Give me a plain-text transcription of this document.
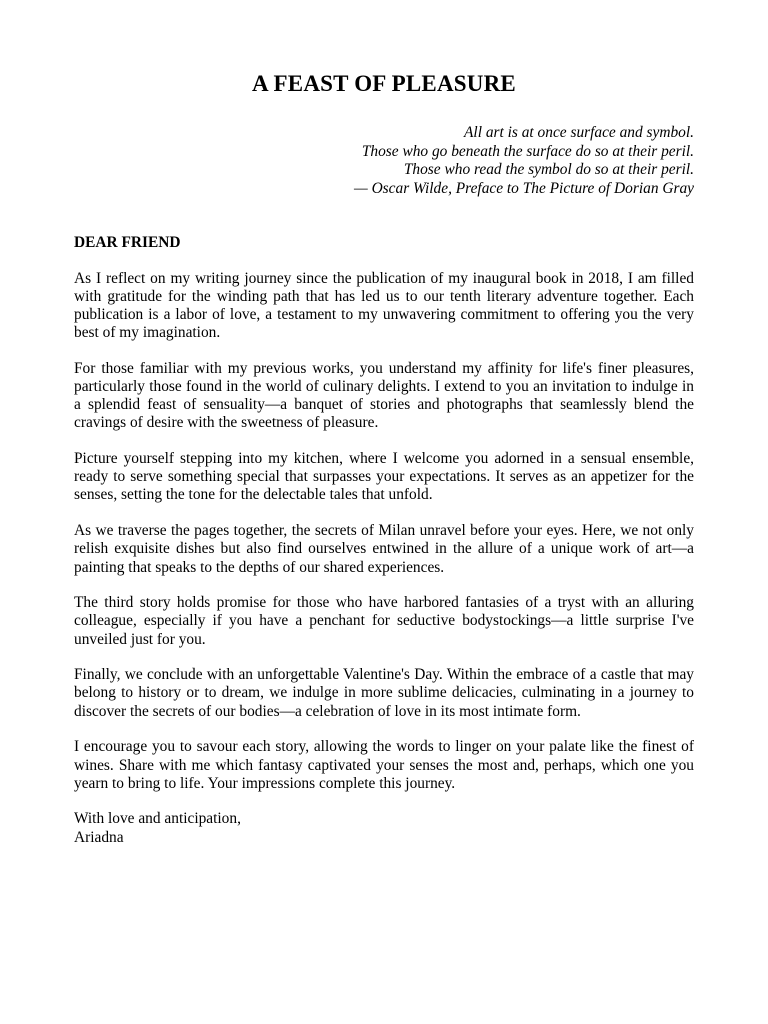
A FEAST OF PLEASURE
All art is at once surface and symbol.
Those who go beneath the surface do so at their peril.
Those who read the symbol do so at their peril.
— Oscar Wilde, Preface to The Picture of Dorian Gray
DEAR FRIEND

As I reflect on my writing journey since the publication of my inaugural book in 2018, I am filled with gratitude for the winding path that has led us to our tenth literary adventure together. Each publication is a labor of love, a testament to my unwavering commitment to offering you the very best of my imagination.

For those familiar with my previous works, you understand my affinity for life's finer pleasures, particularly those found in the world of culinary delights. I extend to you an invitation to indulge in a splendid feast of sensuality—a banquet of stories and photographs that seamlessly blend the cravings of desire with the sweetness of pleasure.

Picture yourself stepping into my kitchen, where I welcome you adorned in a sensual ensemble, ready to serve something special that surpasses your expectations. It serves as an appetizer for the senses, setting the tone for the delectable tales that unfold.

As we traverse the pages together, the secrets of Milan unravel before your eyes. Here, we not only relish exquisite dishes but also find ourselves entwined in the allure of a unique work of art—a painting that speaks to the depths of our shared experiences.

The third story holds promise for those who have harbored fantasies of a tryst with an alluring colleague, especially if you have a penchant for seductive bodystockings—a little surprise I've unveiled just for you.

Finally, we conclude with an unforgettable Valentine's Day. Within the embrace of a castle that may belong to history or to dream, we indulge in more sublime delicacies, culminating in a journey to discover the secrets of our bodies—a celebration of love in its most intimate form.

I encourage you to savour each story, allowing the words to linger on your palate like the finest of wines. Share with me which fantasy captivated your senses the most and, perhaps, which one you yearn to bring to life. Your impressions complete this journey.

With love and anticipation,
Ariadna
